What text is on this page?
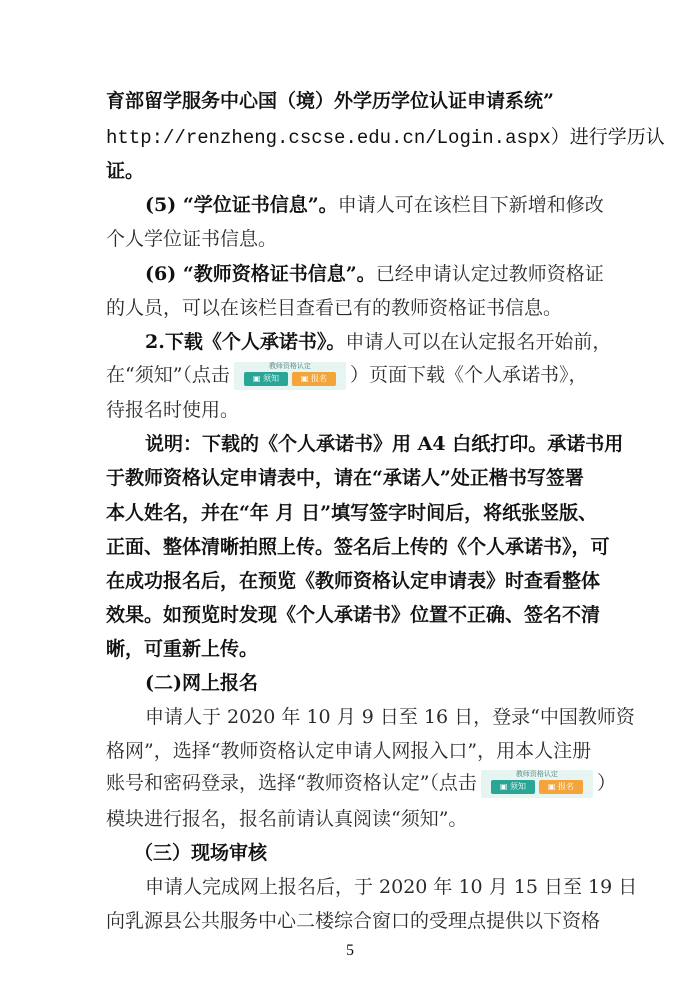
育部留学服务中心国（境）外学历学位认证申请系统”
http://renzheng.cscse.edu.cn/Login.aspx）进行学历认
证。
(5) “学位证书信息”。申请人可在该栏目下新增和修改
个人学位证书信息。
(6) “教师资格证书信息”。已经申请认定过教师资格证
的人员，可以在该栏目查看已有的教师资格证书信息。
2.下载《个人承诺书》。申请人可以在认定报名开始前，
在“须知”（点击	教师资格认定
▣ 须知	▣ 报名	）页面下载《个人承诺书》，
待报名时使用。
说明：下载的《个人承诺书》用 A4 白纸打印。承诺书用
于教师资格认定申请表中，请在“承诺人”处正楷书写签署
本人姓名，并在“年 月 日”填写签字时间后，将纸张竖版、
正面、整体清晰拍照上传。签名后上传的《个人承诺书》，可
在成功报名后，在预览《教师资格认定申请表》时查看整体
效果。如预览时发现《个人承诺书》位置不正确、签名不清
晰，可重新上传。
(二)网上报名
申请人于 2020 年 10 月 9 日至 16 日，登录“中国教师资
格网”，选择“教师资格认定申请人网报入口”，用本人注册
账号和密码登录，选择“教师资格认定”（点击	教师资格认定
▣ 须知	▣ 报名	）
模块进行报名，报名前请认真阅读“须知”。
（三）现场审核
申请人完成网上报名后，于 2020 年 10 月 15 日至 19 日
向乳源县公共服务中心二楼综合窗口的受理点提供以下资格
5
